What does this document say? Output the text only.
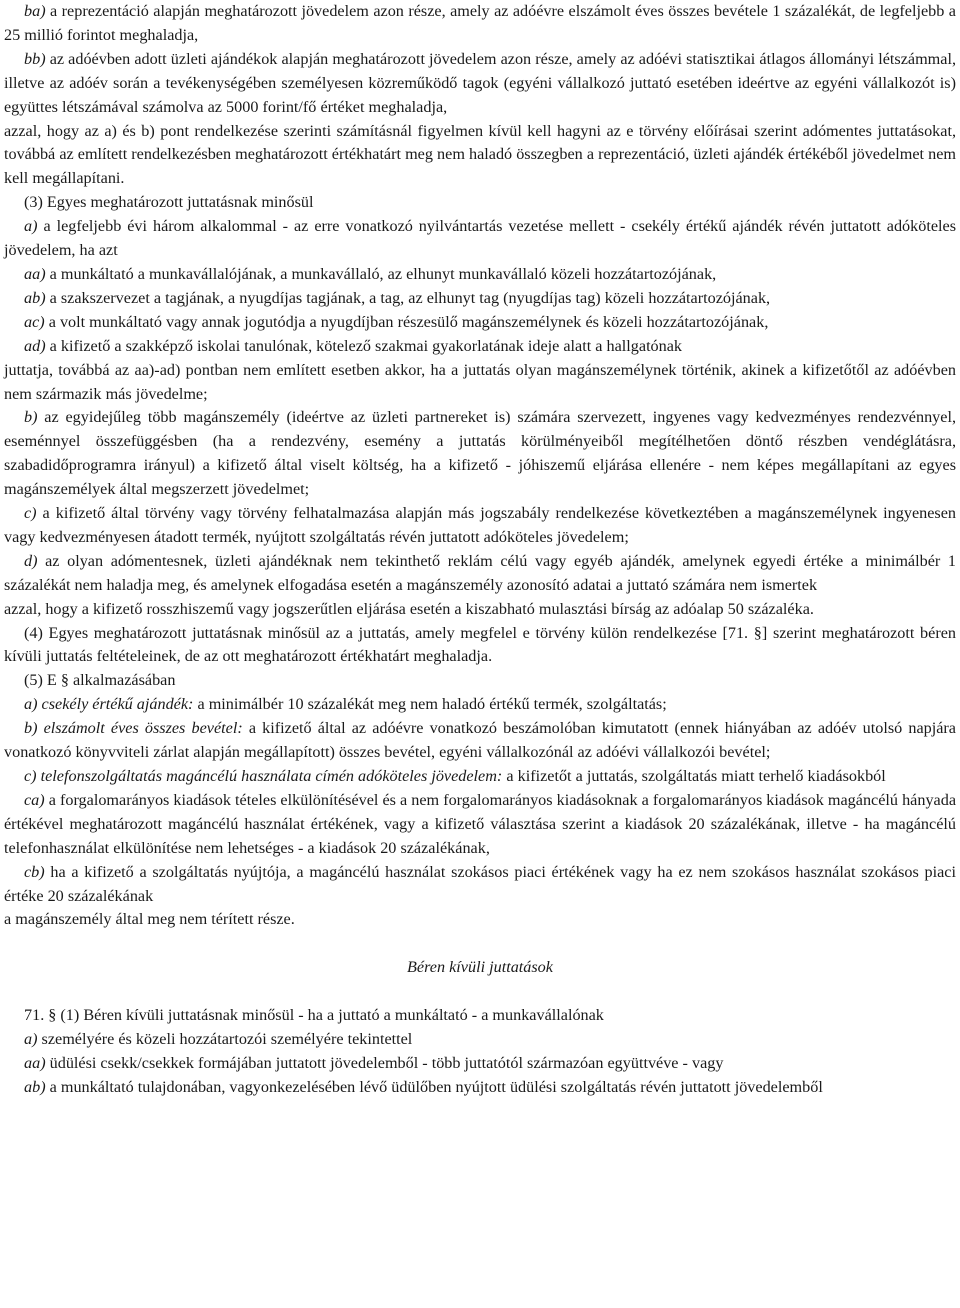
ba) a reprezentáció alapján meghatározott jövedelem azon része, amely az adóévre elszámolt éves összes bevétele 1 százalékát, de legfeljebb a 25 millió forintot meghaladja,

bb) az adóévben adott üzleti ajándékok alapján meghatározott jövedelem azon része, amely az adóévi statisztikai átlagos állományi létszámmal, illetve az adóév során a tevékenységében személyesen közreműködő tagok (egyéni vállalkozó juttató esetében ideértve az egyéni vállalkozót is) együttes létszámával számolva az 5000 forint/fő értéket meghaladja,

azzal, hogy az a) és b) pont rendelkezése szerinti számításnál figyelmen kívül kell hagyni az e törvény előírásai szerint adómentes juttatásokat, továbbá az említett rendelkezésben meghatározott értékhatárt meg nem haladó összegben a reprezentáció, üzleti ajándék értékéből jövedelmet nem kell megállapítani.

(3) Egyes meghatározott juttatásnak minősül

a) a legfeljebb évi három alkalommal - az erre vonatkozó nyilvántartás vezetése mellett - csekély értékű ajándék révén juttatott adóköteles jövedelem, ha azt

aa) a munkáltató a munkavállalójának, a munkavállaló, az elhunyt munkavállaló közeli hozzátartozójának,

ab) a szakszervezet a tagjának, a nyugdíjas tagjának, a tag, az elhunyt tag (nyugdíjas tag) közeli hozzátartozójának,

ac) a volt munkáltató vagy annak jogutódja a nyugdíjban részesülő magánszemélynek és közeli hozzátartozójának,

ad) a kifizető a szakképző iskolai tanulónak, kötelező szakmai gyakorlatának ideje alatt a hallgatónak

juttatja, továbbá az aa)-ad) pontban nem említett esetben akkor, ha a juttatás olyan magánszemélynek történik, akinek a kifizetőtől az adóévben nem származik más jövedelme;

b) az egyidejűleg több magánszemély (ideértve az üzleti partnereket is) számára szervezett, ingyenes vagy kedvezményes rendezvénnyel, eseménnyel összefüggésben (ha a rendezvény, esemény a juttatás körülményeiből megítélhetően döntő részben vendéglátásra, szabadidőprogramra irányul) a kifizető által viselt költség, ha a kifizető - jóhiszemű eljárása ellenére - nem képes megállapítani az egyes magánszemélyek által megszerzett jövedelmet;

c) a kifizető által törvény vagy törvény felhatalmazása alapján más jogszabály rendelkezése következtében a magánszemélynek ingyenesen vagy kedvezményesen átadott termék, nyújtott szolgáltatás révén juttatott adóköteles jövedelem;

d) az olyan adómentesnek, üzleti ajándéknak nem tekinthető reklám célú vagy egyéb ajándék, amelynek egyedi értéke a minimálbér 1 százalékát nem haladja meg, és amelynek elfogadása esetén a magánszemély azonosító adatai a juttató számára nem ismertek

azzal, hogy a kifizető rosszhiszemű vagy jogszerűtlen eljárása esetén a kiszabható mulasztási bírság az adóalap 50 százaléka.

(4) Egyes meghatározott juttatásnak minősül az a juttatás, amely megfelel e törvény külön rendelkezése [71. §] szerint meghatározott béren kívüli juttatás feltételeinek, de az ott meghatározott értékhatárt meghaladja.

(5) E § alkalmazásában

a) csekély értékű ajándék: a minimálbér 10 százalékát meg nem haladó értékű termék, szolgáltatás;

b) elszámolt éves összes bevétel: a kifizető által az adóévre vonatkozó beszámolóban kimutatott (ennek hiányában az adóév utolsó napjára vonatkozó könyvviteli zárlat alapján megállapított) összes bevétel, egyéni vállalkozónál az adóévi vállalkozói bevétel;

c) telefonszolgáltatás magáncélú használata címén adóköteles jövedelem: a kifizetőt a juttatás, szolgáltatás miatt terhelő kiadásokból

ca) a forgalomarányos kiadások tételes elkülönítésével és a nem forgalomarányos kiadásoknak a forgalomarányos kiadások magáncélú hányada értékével meghatározott magáncélú használat értékének, vagy a kifizető választása szerint a kiadások 20 százalékának, illetve - ha magáncélú telefonhasználat elkülönítése nem lehetséges - a kiadások 20 százalékának,

cb) ha a kifizető a szolgáltatás nyújtója, a magáncélú használat szokásos piaci értékének vagy ha ez nem szokásos használat szokásos piaci értéke 20 százalékának

a magánszemély által meg nem térített része.

Béren kívüli juttatások

71. § (1) Béren kívüli juttatásnak minősül - ha a juttató a munkáltató - a munkavállalónak

a) személyére és közeli hozzátartozói személyére tekintettel

aa) üdülési csekk/csekkek formájában juttatott jövedelemből - több juttatótól származóan együttvéve - vagy

ab) a munkáltató tulajdonában, vagyonkezelésében lévő üdülőben nyújtott üdülési szolgáltatás révén juttatott jövedelemből
